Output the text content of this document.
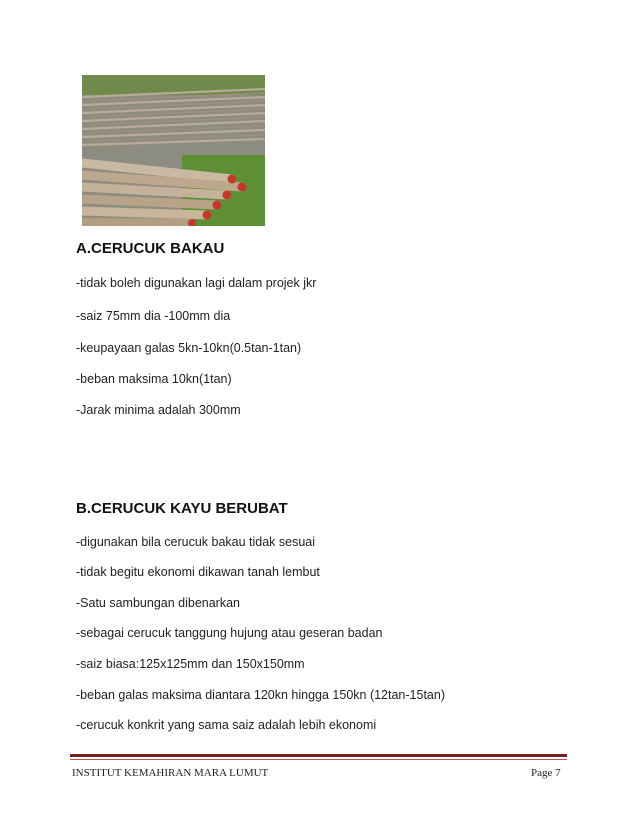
A.CERUCUK BAKAU
-tidak boleh digunakan lagi dalam projek jkr
-saiz 75mm dia -100mm dia
-keupayaan galas 5kn-10kn(0.5tan-1tan)
-beban maksima 10kn(1tan)
-Jarak minima adalah 300mm
B.CERUCUK KAYU BERUBAT
-digunakan bila cerucuk bakau tidak sesuai
-tidak begitu ekonomi dikawan tanah lembut
-Satu sambungan dibenarkan
-sebagai cerucuk tanggung hujung atau geseran badan
-saiz biasa:125x125mm dan 150x150mm
-beban galas maksima diantara 120kn hingga 150kn (12tan-15tan)
-cerucuk konkrit yang sama saiz adalah lebih ekonomi
INSTITUT KEMAHIRAN MARA LUMUT	Page 7
